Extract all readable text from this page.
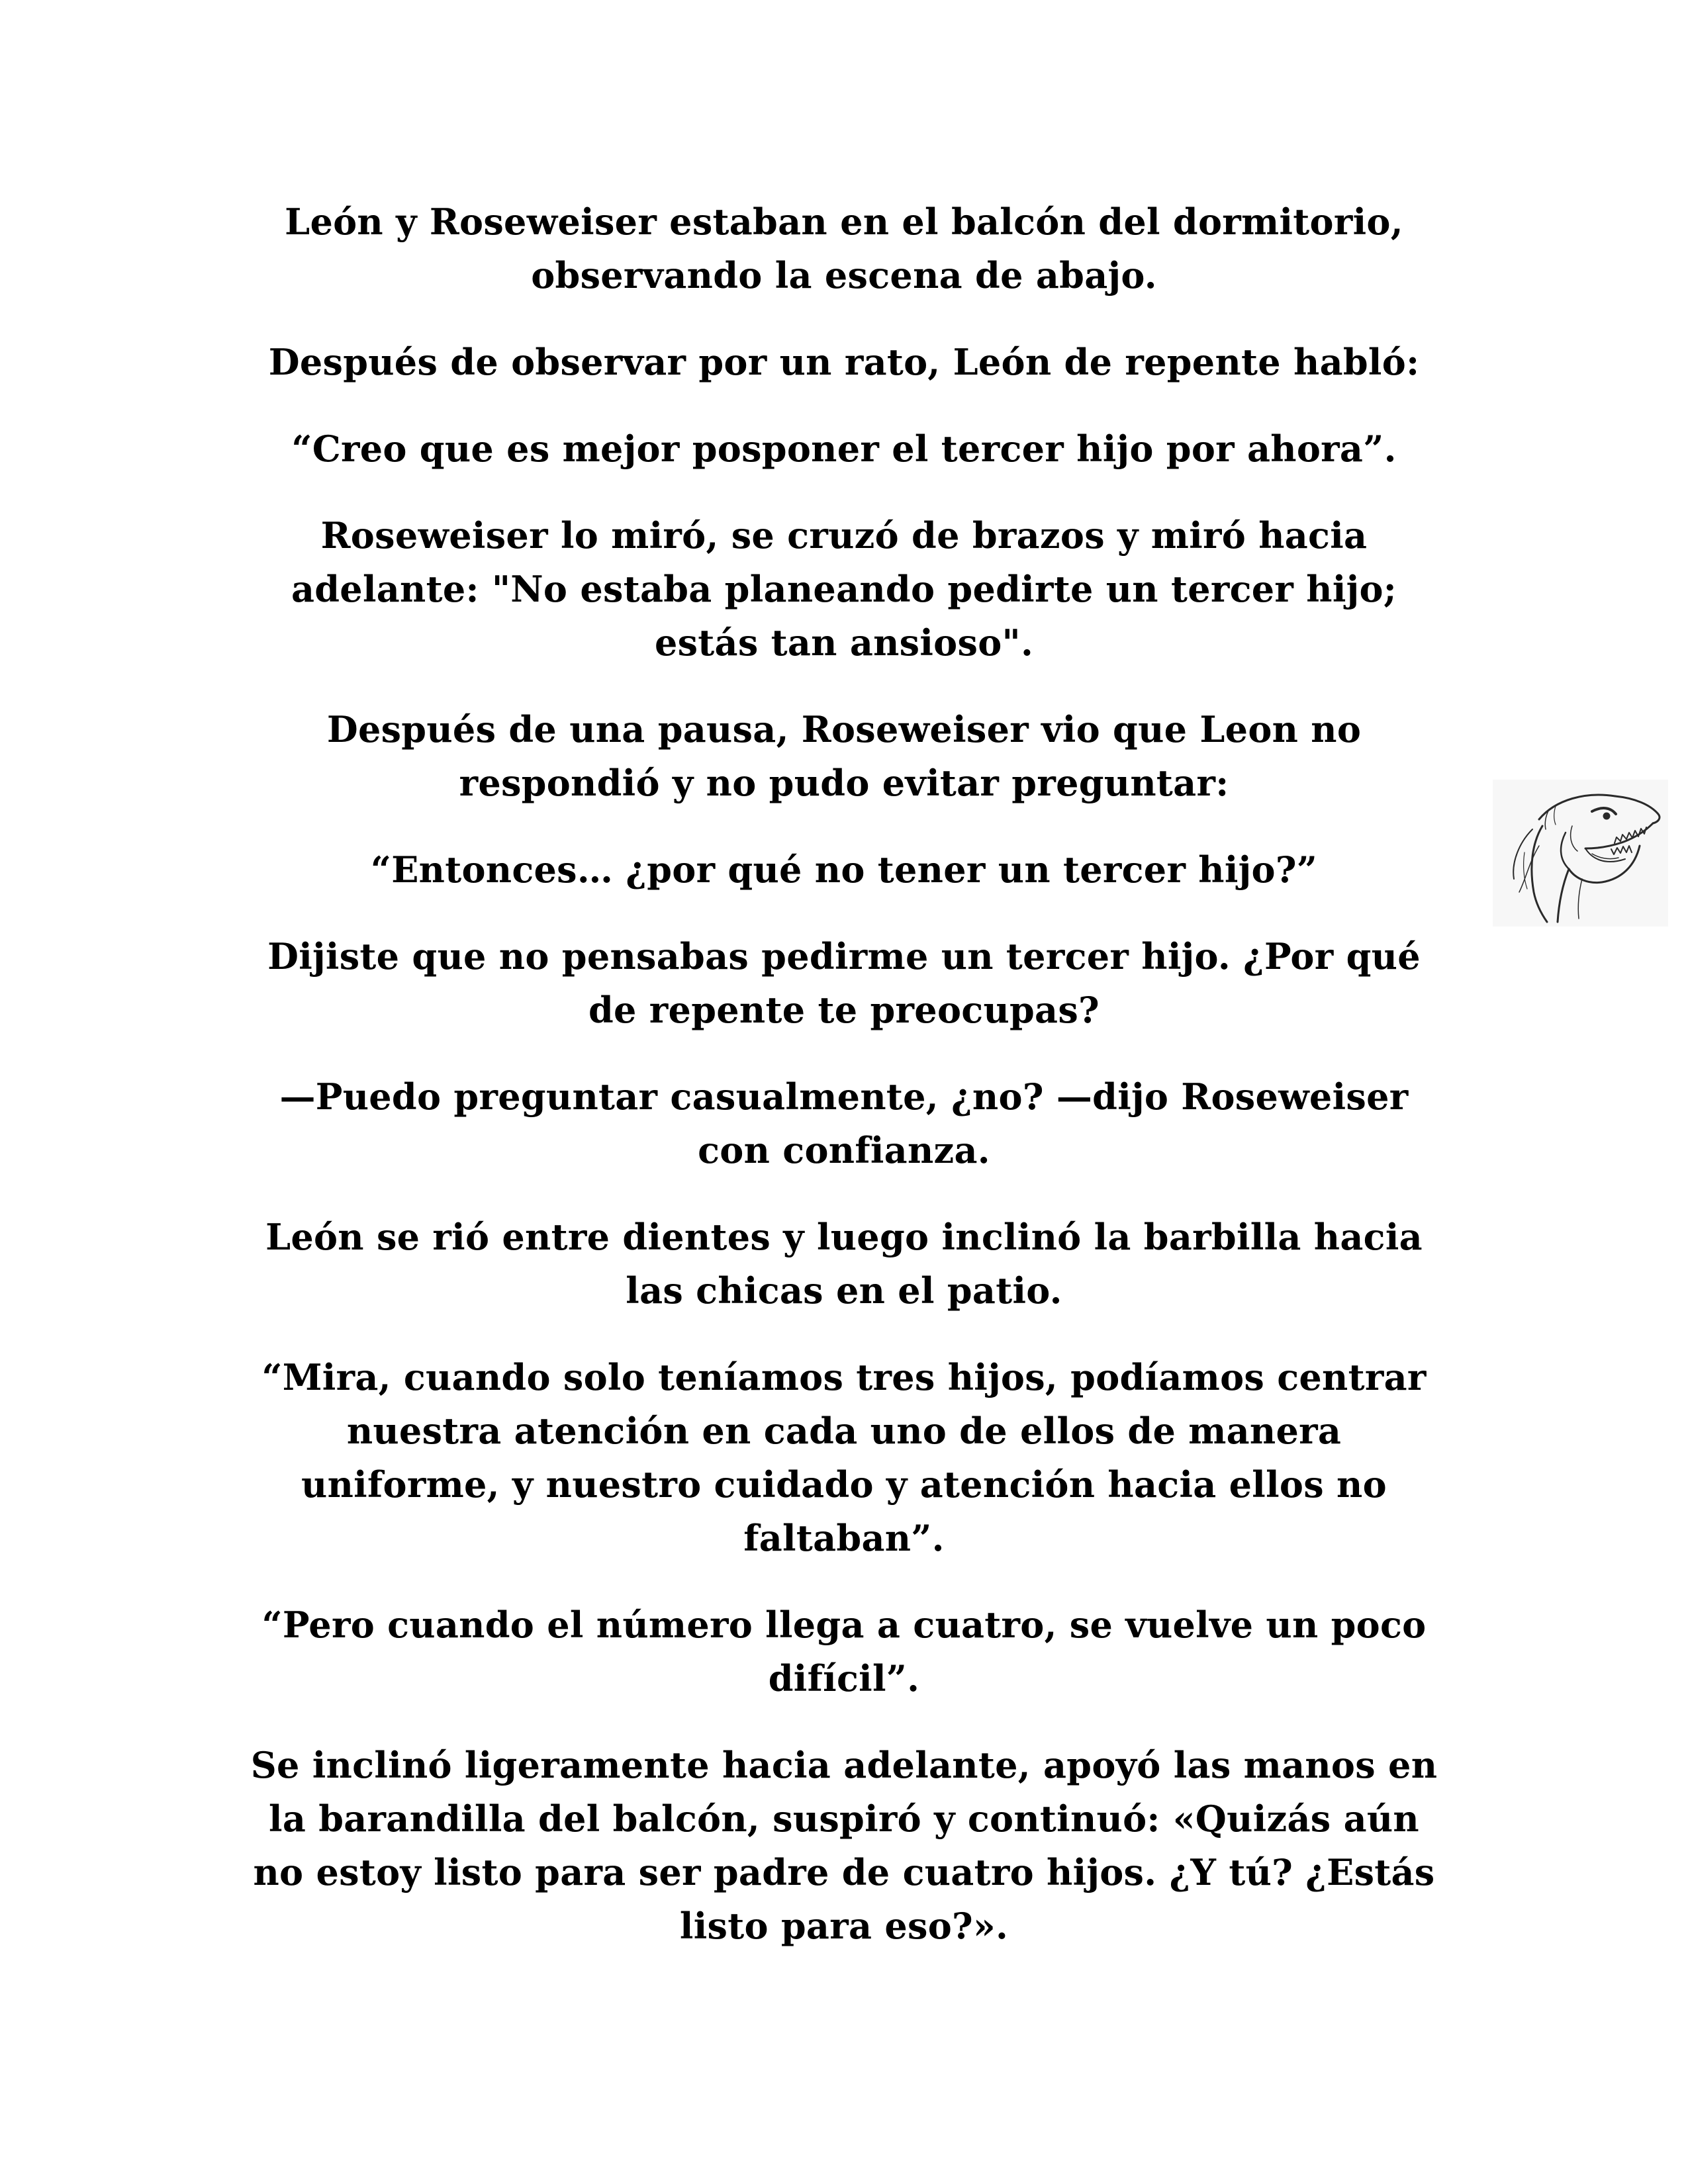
León y Roseweiser estaban en el balcón del dormitorio, observando la escena de abajo.

Después de observar por un rato, León de repente habló:

“Creo que es mejor posponer el tercer hijo por ahora”.

Roseweiser lo miró, se cruzó de brazos y miró hacia adelante: "No estaba planeando pedirte un tercer hijo; estás tan ansioso".

Después de una pausa, Roseweiser vio que Leon no respondió y no pudo evitar preguntar:

“Entonces… ¿por qué no tener un tercer hijo?”

Dijiste que no pensabas pedirme un tercer hijo. ¿Por qué de repente te preocupas?

—Puedo preguntar casualmente, ¿no? —dijo Roseweiser con confianza.

León se rió entre dientes y luego inclinó la barbilla hacia las chicas en el patio.

“Mira, cuando solo teníamos tres hijos, podíamos centrar nuestra atención en cada uno de ellos de manera uniforme, y nuestro cuidado y atención hacia ellos no faltaban”.

“Pero cuando el número llega a cuatro, se vuelve un poco difícil”.

Se inclinó ligeramente hacia adelante, apoyó las manos en la barandilla del balcón, suspiró y continuó: «Quizás aún no estoy listo para ser padre de cuatro hijos. ¿Y tú? ¿Estás listo para eso?».
